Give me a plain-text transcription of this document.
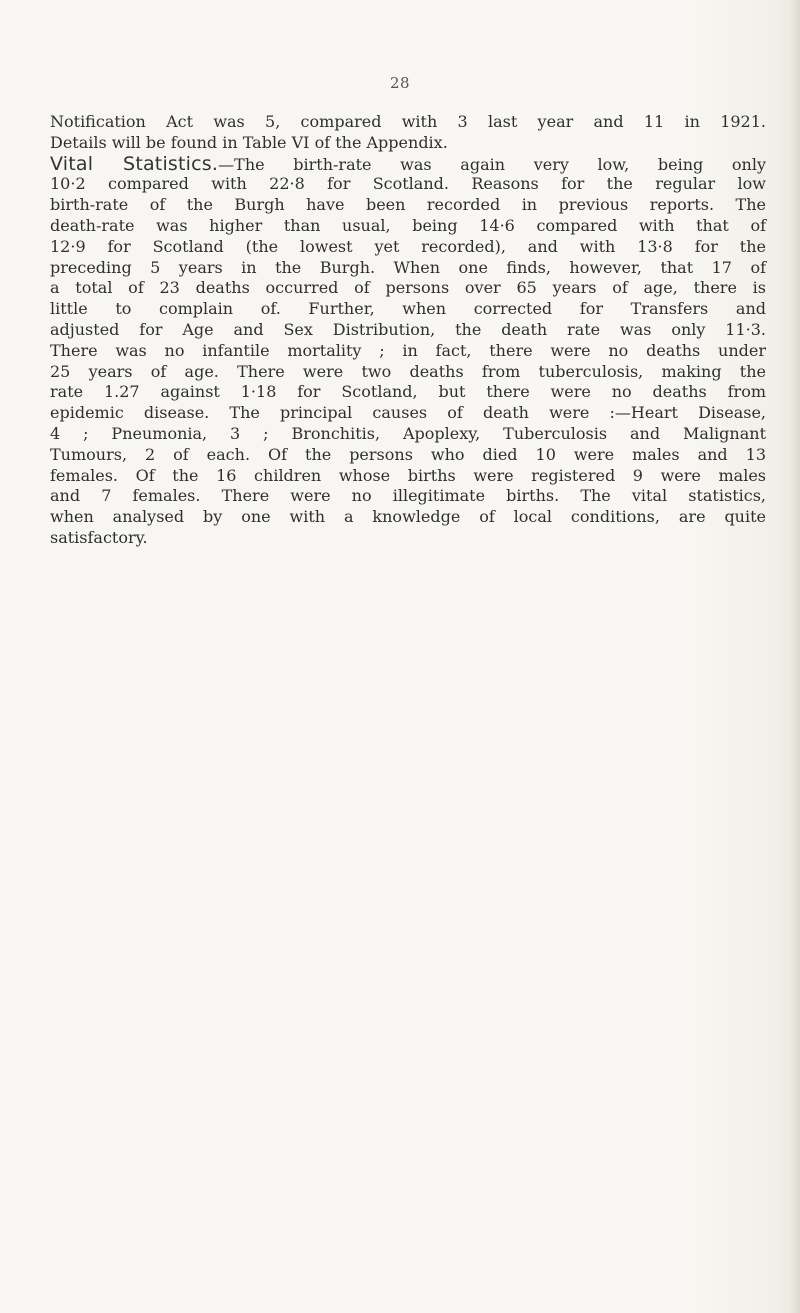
28
Notification Act was 5, compared with 3 last year and 11 in 1921.
Details will be found in Table VI of the Appendix.
Vital Statistics.—The birth-rate was again very low, being only
10·2 compared with 22·8 for Scotland. Reasons for the regular low
birth-rate of the Burgh have been recorded in previous reports. The
death-rate was higher than usual, being 14·6 compared with that of
12·9 for Scotland (the lowest yet recorded), and with 13·8 for the
preceding 5 years in the Burgh. When one finds, however, that 17 of
a total of 23 deaths occurred of persons over 65 years of age, there is
little to complain of. Further, when corrected for Transfers and
adjusted for Age and Sex Distribution, the death rate was only 11·3.
There was no infantile mortality ; in fact, there were no deaths under
25 years of age. There were two deaths from tuberculosis, making the
rate 1.27 against 1·18 for Scotland, but there were no deaths from
epidemic disease. The principal causes of death were :—Heart Disease,
4 ; Pneumonia, 3 ; Bronchitis, Apoplexy, Tuberculosis and Malignant
Tumours, 2 of each. Of the persons who died 10 were males and 13
females. Of the 16 children whose births were registered 9 were males
and 7 females. There were no illegitimate births. The vital statistics,
when analysed by one with a knowledge of local conditions, are quite
satisfactory.
